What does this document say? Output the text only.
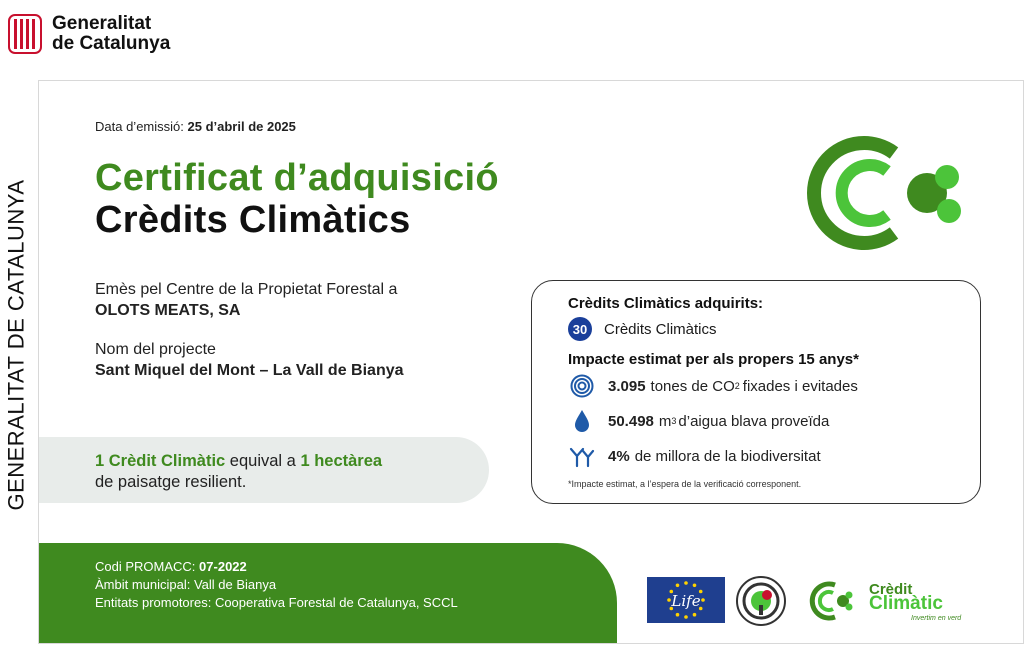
Generalitat
de Catalunya
GENERALITAT DE CATALUNYA
Data d’emissió: 25 d’abril de 2025
Certificat d’adquisició
Crèdits Climàtics
Emès pel Centre de la Propietat Forestal a
OLOTS MEATS, SA
Nom del projecte
Sant Miquel del Mont – La Vall de Bianya
1 Crèdit Climàtic equival a 1 hectàrea
de paisatge resilient.
Crèdits Climàtics adquirits:
30	Crèdits Climàtics
Impacte estimat per als propers 15 anys*
3.095 tones de CO 2 fixades i evitades
50.498 m 3 d’aigua blava proveïda
4% de millora de la biodiversitat
*Impacte estimat, a l’espera de la verificació corresponent.
Codi PROMACC: 07-2022
Àmbit municipal: Vall de Bianya
Entitats promotores: Cooperativa Forestal de Catalunya, SCCL	Life
Crèdit
Climàtic
Invertim en verd
